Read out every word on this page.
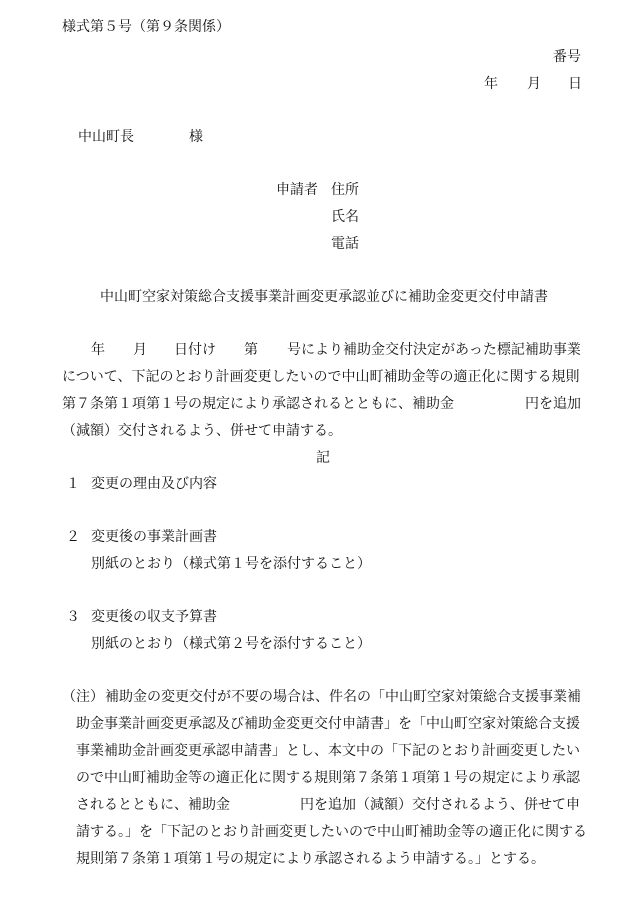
様式第５号（第９条関係）
番号
年 月 日
中山町長	様
申請者 住所
氏名
電話
中山町空家対策総合支援事業計画変更承認並びに補助金変更交付申請書
年 月 日付け 第 号により補助金交付決定があった標記補助事業
について、下記のとおり計画変更したいので中山町補助金等の適正化に関する規則
第７条第１項第１号の規定により承認されるとともに、補助金	円を追加
（減額）交付されるよう、併せて申請する。
記
１ 変更の理由及び内容
２ 変更後の事業計画書
別紙のとおり（様式第１号を添付すること）
３ 変更後の収支予算書
別紙のとおり（様式第２号を添付すること）
（注） 補助金の変更交付が不要の場合は、件名の「中山町空家対策総合支援事業補
助金事業計画変更承認及び補助金変更交付申請書」を「中山町空家対策総合支援
事業補助金計画変更承認申請書」とし、本文中の「下記のとおり計画変更したい
ので中山町補助金等の適正化に関する規則第７条第１項第１号の規定により承認
されるとともに、補助金	円を追加（減額）交付されるよう、併せて申
請する。」を「下記のとおり計画変更したいので中山町補助金等の適正化に関する
規則第７条第１項第１号の規定により承認されるよう申請する。」とする。
